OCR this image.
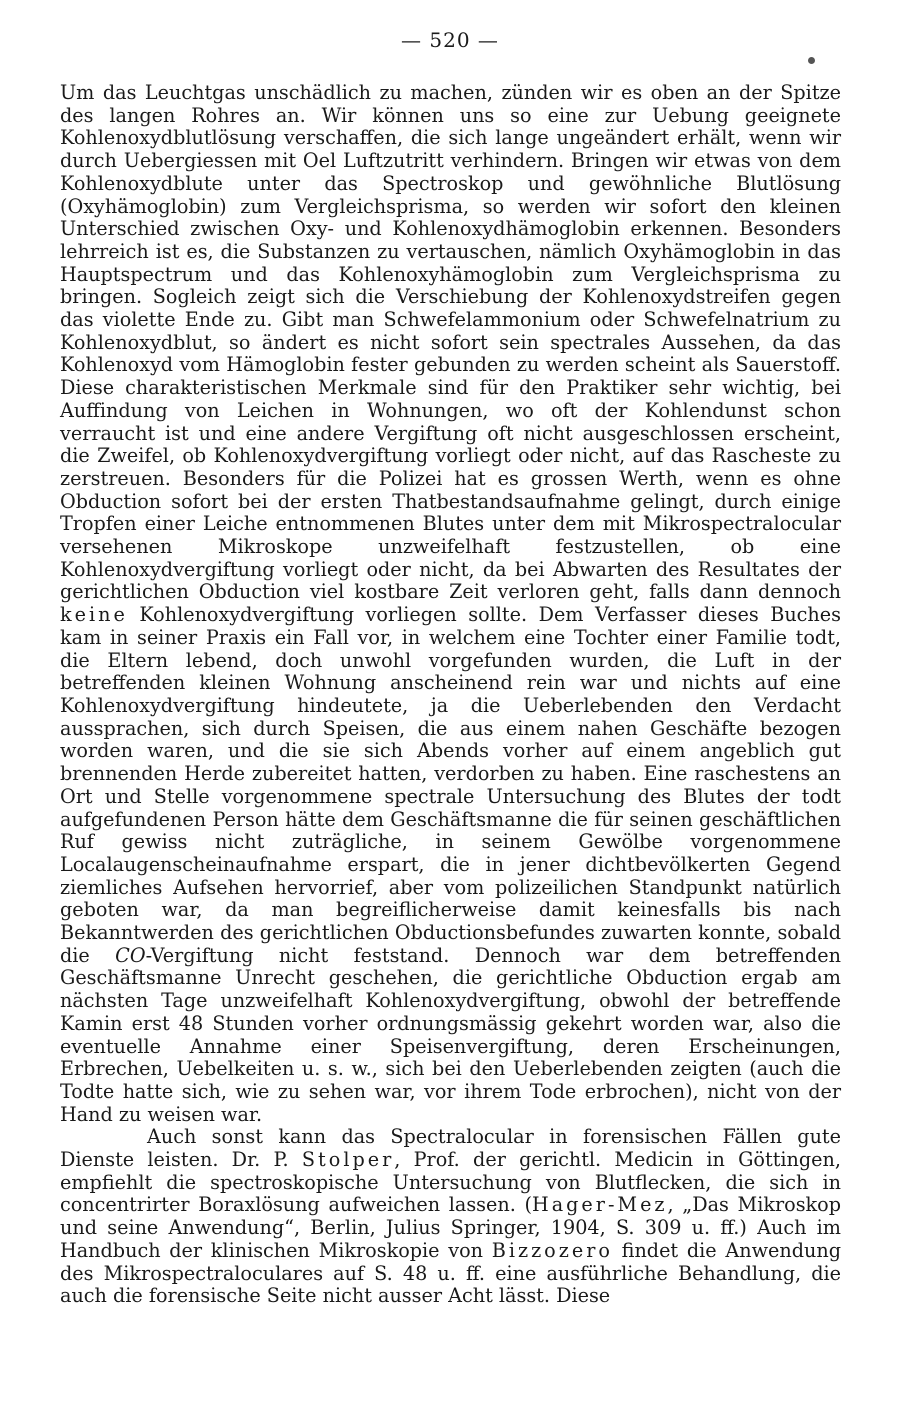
— 520 —

Um das Leuchtgas unschädlich zu machen, zünden wir es oben an der Spitze des langen Rohres an. Wir können uns so eine zur Uebung geeignete Kohlenoxydblutlösung verschaffen, die sich lange ungeändert erhält, wenn wir durch Uebergiessen mit Oel Luftzutritt verhindern. Bringen wir etwas von dem Kohlenoxydblute unter das Spectroskop und gewöhnliche Blutlösung (Oxyhämoglobin) zum Vergleichsprisma, so werden wir sofort den kleinen Unterschied zwischen Oxy- und Kohlenoxydhämoglobin erkennen. Besonders lehrreich ist es, die Substanzen zu vertauschen, nämlich Oxyhämoglobin in das Hauptspectrum und das Kohlenoxyhämoglobin zum Vergleichsprisma zu bringen. Sogleich zeigt sich die Verschiebung der Kohlenoxydstreifen gegen das violette Ende zu. Gibt man Schwefelammonium oder Schwefelnatrium zu Kohlenoxydblut, so ändert es nicht sofort sein spectrales Aussehen, da das Kohlenoxyd vom Hämoglobin fester gebunden zu werden scheint als Sauerstoff. Diese charakteristischen Merkmale sind für den Praktiker sehr wichtig, bei Auffindung von Leichen in Wohnungen, wo oft der Kohlendunst schon verraucht ist und eine andere Vergiftung oft nicht ausgeschlossen erscheint, die Zweifel, ob Kohlenoxydvergiftung vorliegt oder nicht, auf das Rascheste zu zerstreuen. Besonders für die Polizei hat es grossen Werth, wenn es ohne Obduction sofort bei der ersten Thatbestandsaufnahme gelingt, durch einige Tropfen einer Leiche entnommenen Blutes unter dem mit Mikrospectralocular versehenen Mikroskope unzweifelhaft festzustellen, ob eine Kohlenoxydvergiftung vorliegt oder nicht, da bei Abwarten des Resultates der gerichtlichen Obduction viel kostbare Zeit verloren geht, falls dann dennoch keine Kohlenoxydvergiftung vorliegen sollte. Dem Verfasser dieses Buches kam in seiner Praxis ein Fall vor, in welchem eine Tochter einer Familie todt, die Eltern lebend, doch unwohl vorgefunden wurden, die Luft in der betreffenden kleinen Wohnung anscheinend rein war und nichts auf eine Kohlenoxydvergiftung hindeutete, ja die Ueberlebenden den Verdacht aussprachen, sich durch Speisen, die aus einem nahen Geschäfte bezogen worden waren, und die sie sich Abends vorher auf einem angeblich gut brennenden Herde zubereitet hatten, verdorben zu haben. Eine raschestens an Ort und Stelle vorgenommene spectrale Untersuchung des Blutes der todt aufgefundenen Person hätte dem Geschäftsmanne die für seinen geschäftlichen Ruf gewiss nicht zuträgliche, in seinem Gewölbe vorgenommene Localaugenscheinaufnahme erspart, die in jener dichtbevölkerten Gegend ziemliches Aufsehen hervorrief, aber vom polizeilichen Standpunkt natürlich geboten war, da man begreiflicherweise damit keinesfalls bis nach Bekanntwerden des gerichtlichen Obductionsbefundes zuwarten konnte, sobald die CO-Vergiftung nicht feststand. Dennoch war dem betreffenden Geschäftsmanne Unrecht geschehen, die gerichtliche Obduction ergab am nächsten Tage unzweifelhaft Kohlenoxydvergiftung, obwohl der betreffende Kamin erst 48 Stunden vorher ordnungsmässig gekehrt worden war, also die eventuelle Annahme einer Speisenvergiftung, deren Erscheinungen, Erbrechen, Uebelkeiten u. s. w., sich bei den Ueberlebenden zeigten (auch die Todte hatte sich, wie zu sehen war, vor ihrem Tode erbrochen), nicht von der Hand zu weisen war.

Auch sonst kann das Spectralocular in forensischen Fällen gute Dienste leisten. Dr. P. Stolper, Prof. der gerichtl. Medicin in Göttingen, empfiehlt die spectroskopische Untersuchung von Blutflecken, die sich in concentrirter Boraxlösung aufweichen lassen. (Hager-Mez, „Das Mikroskop und seine Anwendung“, Berlin, Julius Springer, 1904, S. 309 u. ff.) Auch im Handbuch der klinischen Mikroskopie von Bizzozero findet die Anwendung des Mikrospectraloculares auf S. 48 u. ff. eine ausführliche Behandlung, die auch die forensische Seite nicht ausser Acht lässt. Diese
